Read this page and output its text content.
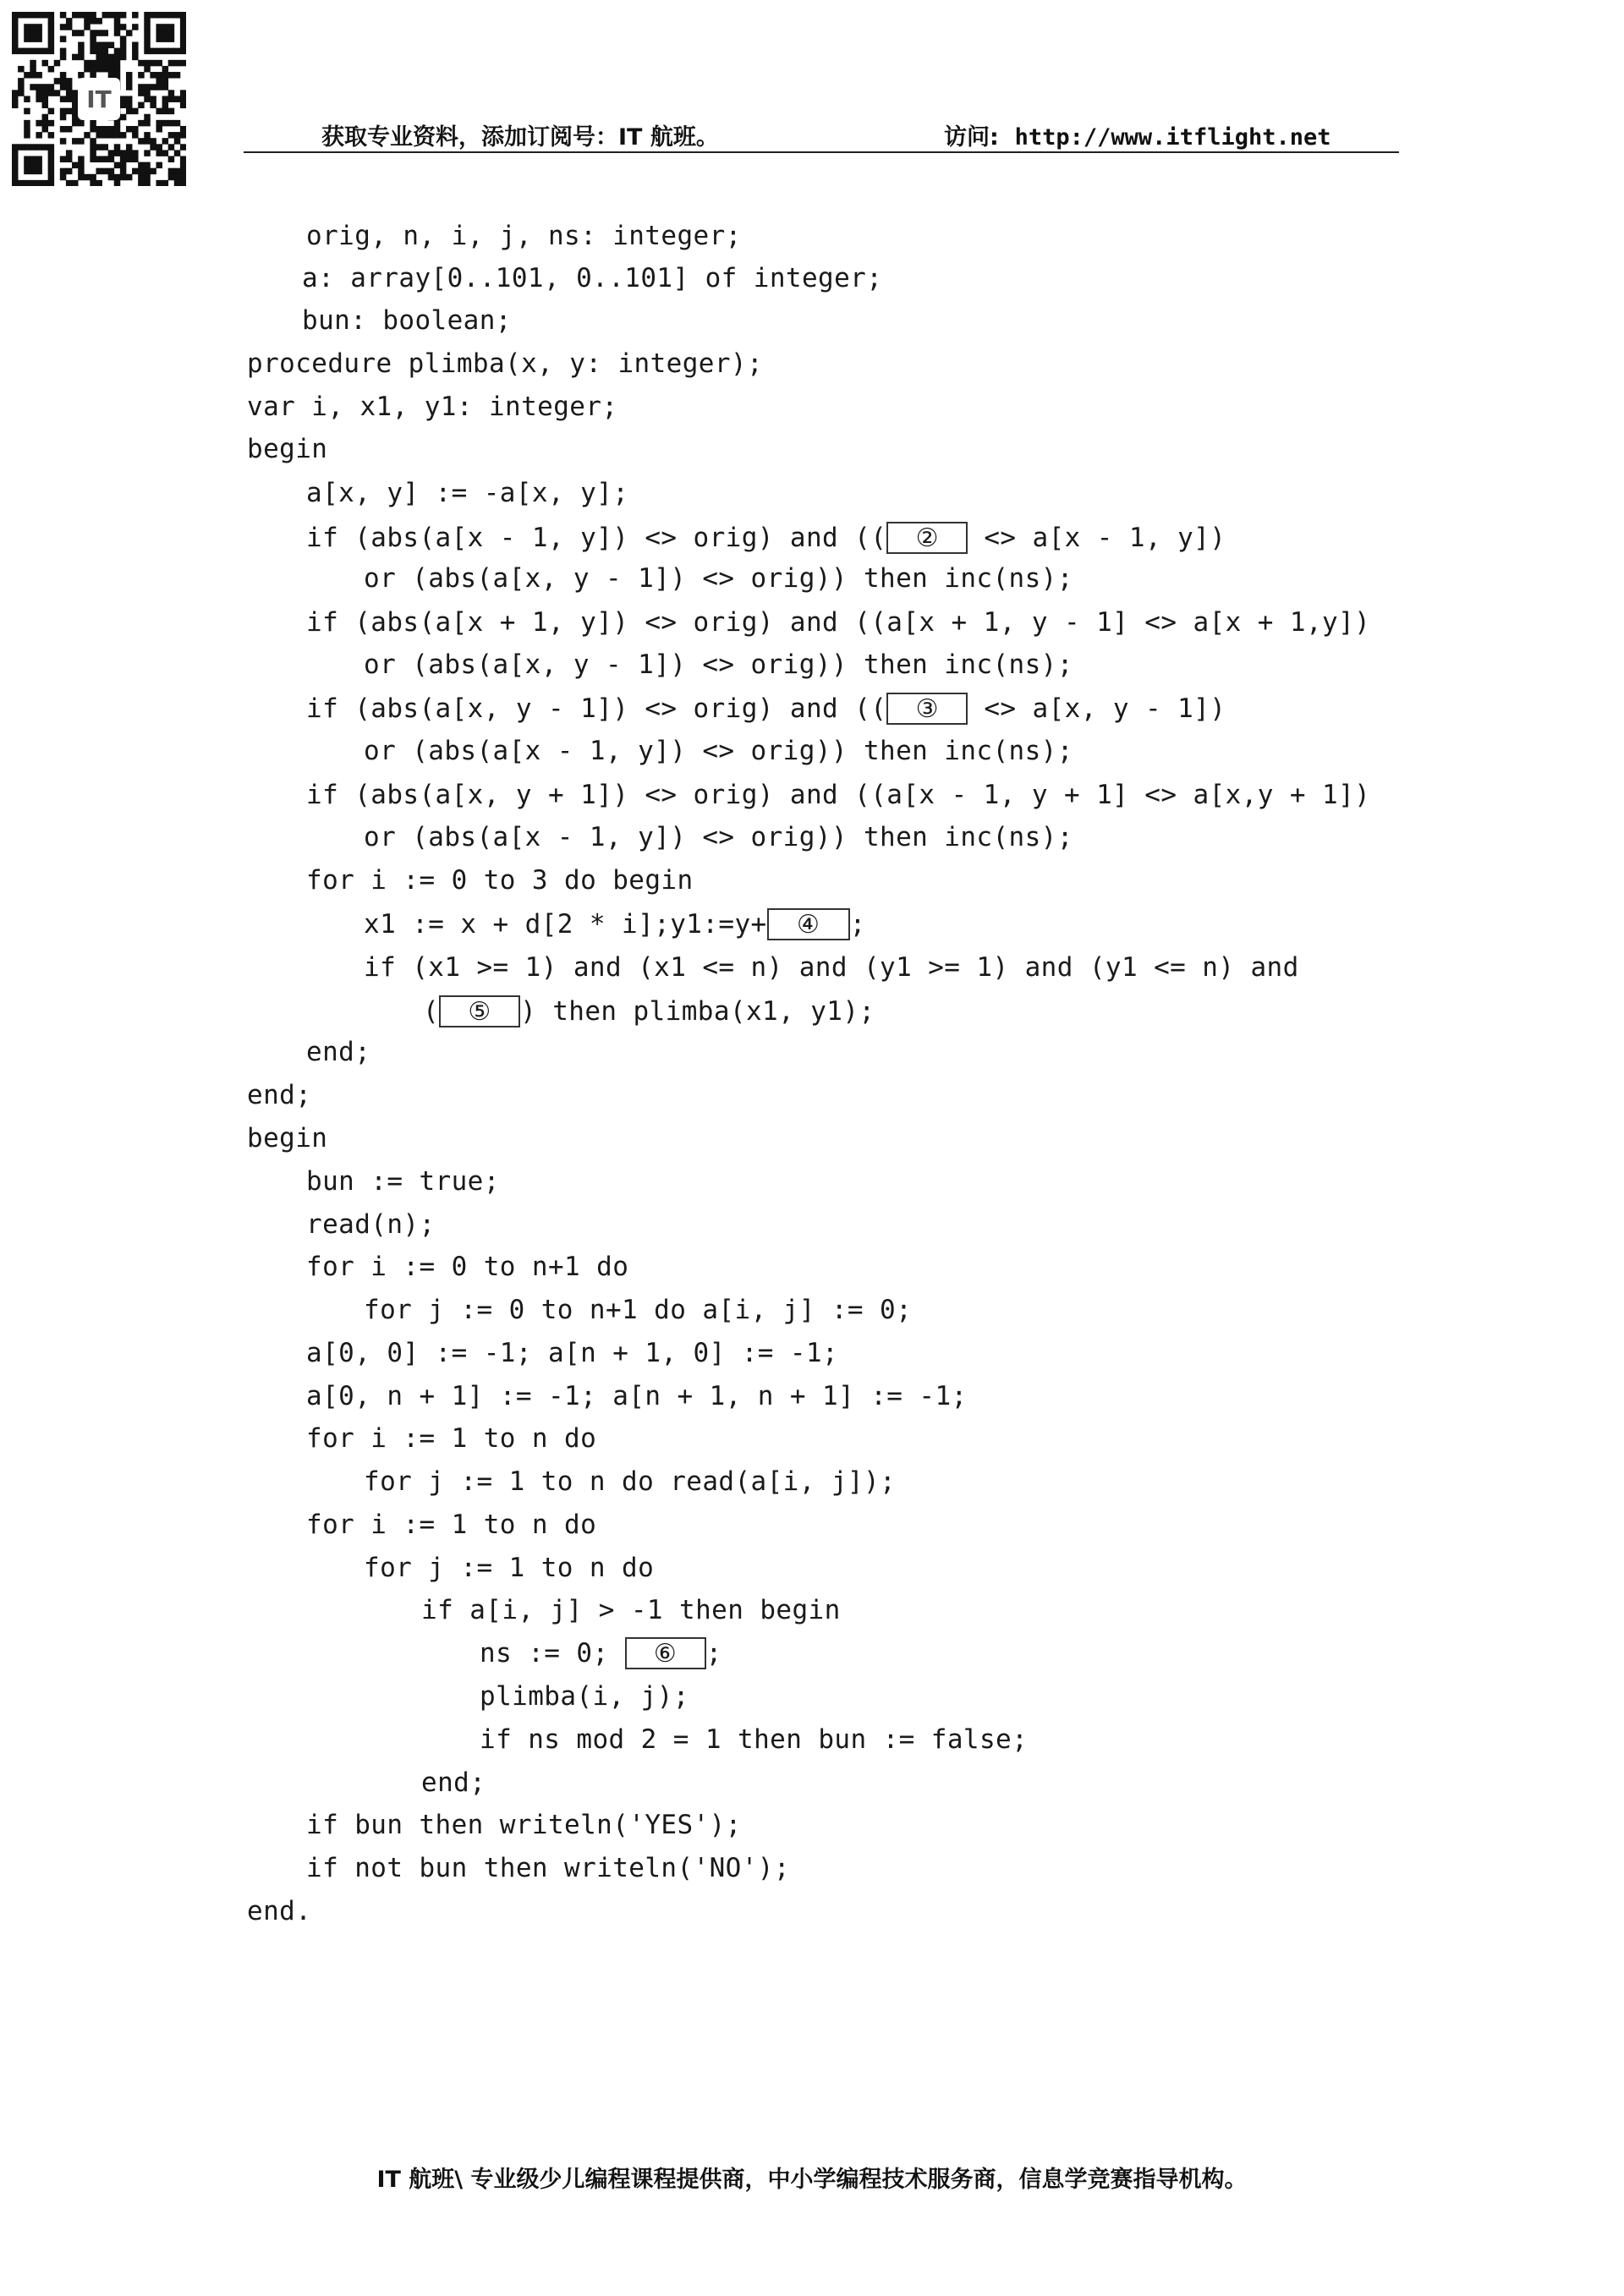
IT
获取专业资料，添加订阅号：IT 航班。	访问: http://www.itflight.net
orig, n, i, j, ns: integer;
a: array[0..101, 0..101] of integer;
bun: boolean;
procedure plimba(x, y: integer);
var i, x1, y1: integer;
begin
a[x, y] := -a[x, y];
if (abs(a[x - 1, y]) <> orig) and (( ② <> a[x - 1, y])
or (abs(a[x, y - 1]) <> orig)) then inc(ns);
if (abs(a[x + 1, y]) <> orig) and ((a[x + 1, y - 1] <> a[x + 1,y])
or (abs(a[x, y - 1]) <> orig)) then inc(ns);
if (abs(a[x, y - 1]) <> orig) and (( ③ <> a[x, y - 1])
or (abs(a[x - 1, y]) <> orig)) then inc(ns);
if (abs(a[x, y + 1]) <> orig) and ((a[x - 1, y + 1] <> a[x,y + 1])
or (abs(a[x - 1, y]) <> orig)) then inc(ns);
for i := 0 to 3 do begin
x1 := x + d[2 * i];y1:=y+ ④ ;
if (x1 >= 1) and (x1 <= n) and (y1 >= 1) and (y1 <= n) and
( ⑤ ) then plimba(x1, y1);
end;
end;
begin
bun := true;
read(n);
for i := 0 to n+1 do
for j := 0 to n+1 do a[i, j] := 0;
a[0, 0] := -1; a[n + 1, 0] := -1;
a[0, n + 1] := -1; a[n + 1, n + 1] := -1;
for i := 1 to n do
for j := 1 to n do read(a[i, j]);
for i := 1 to n do
for j := 1 to n do
if a[i, j] > -1 then begin
ns := 0; ⑥ ;
plimba(i, j);
if ns mod 2 = 1 then bun := false;
end;
if bun then writeln('YES');
if not bun then writeln('NO');
end.
IT 航班\ 专业级少儿编程课程提供商，中小学编程技术服务商，信息学竞赛指导机构。
